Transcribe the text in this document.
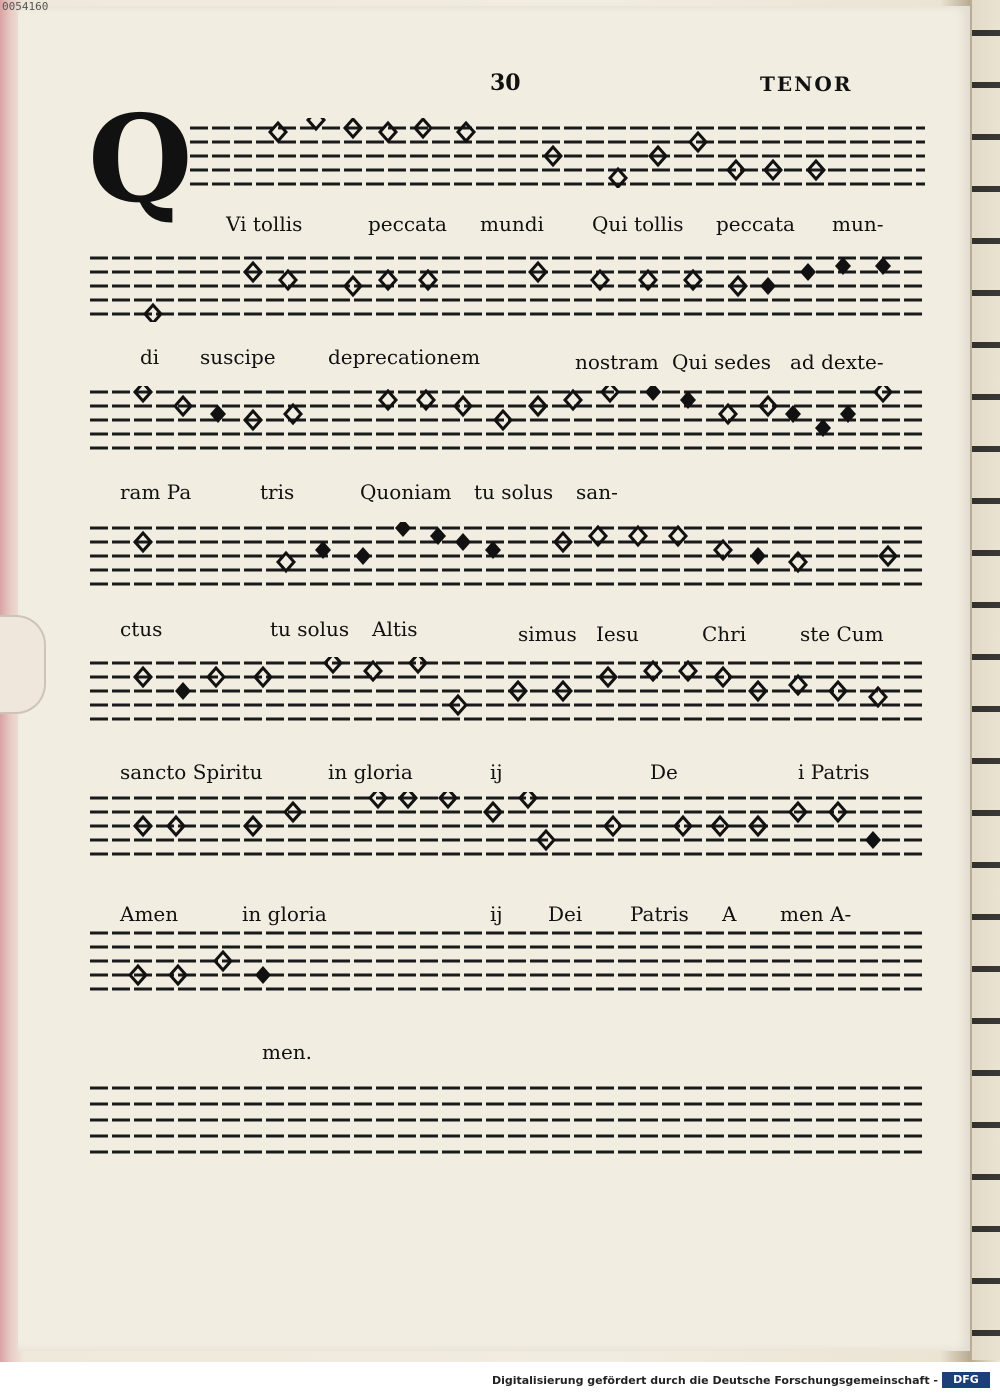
0054160
30	TENOR
Q Vi tollis	peccata mundi Qui tollis peccata mun-
di suscipe	deprecationem	nostram Qui sedes ad dexte-
ram Pa	tris	Quoniam tu solus san-
ctus	tu solus Altis	simus Iesu	Chri	ste Cum
sancto Spiritu	in gloria	ij	De	i Patris
Amen	in gloria	ij Dei Patris A men A-
men.
Digitalisierung gefördert durch die Deutsche Forschungsgemeinschaft -	DFG
